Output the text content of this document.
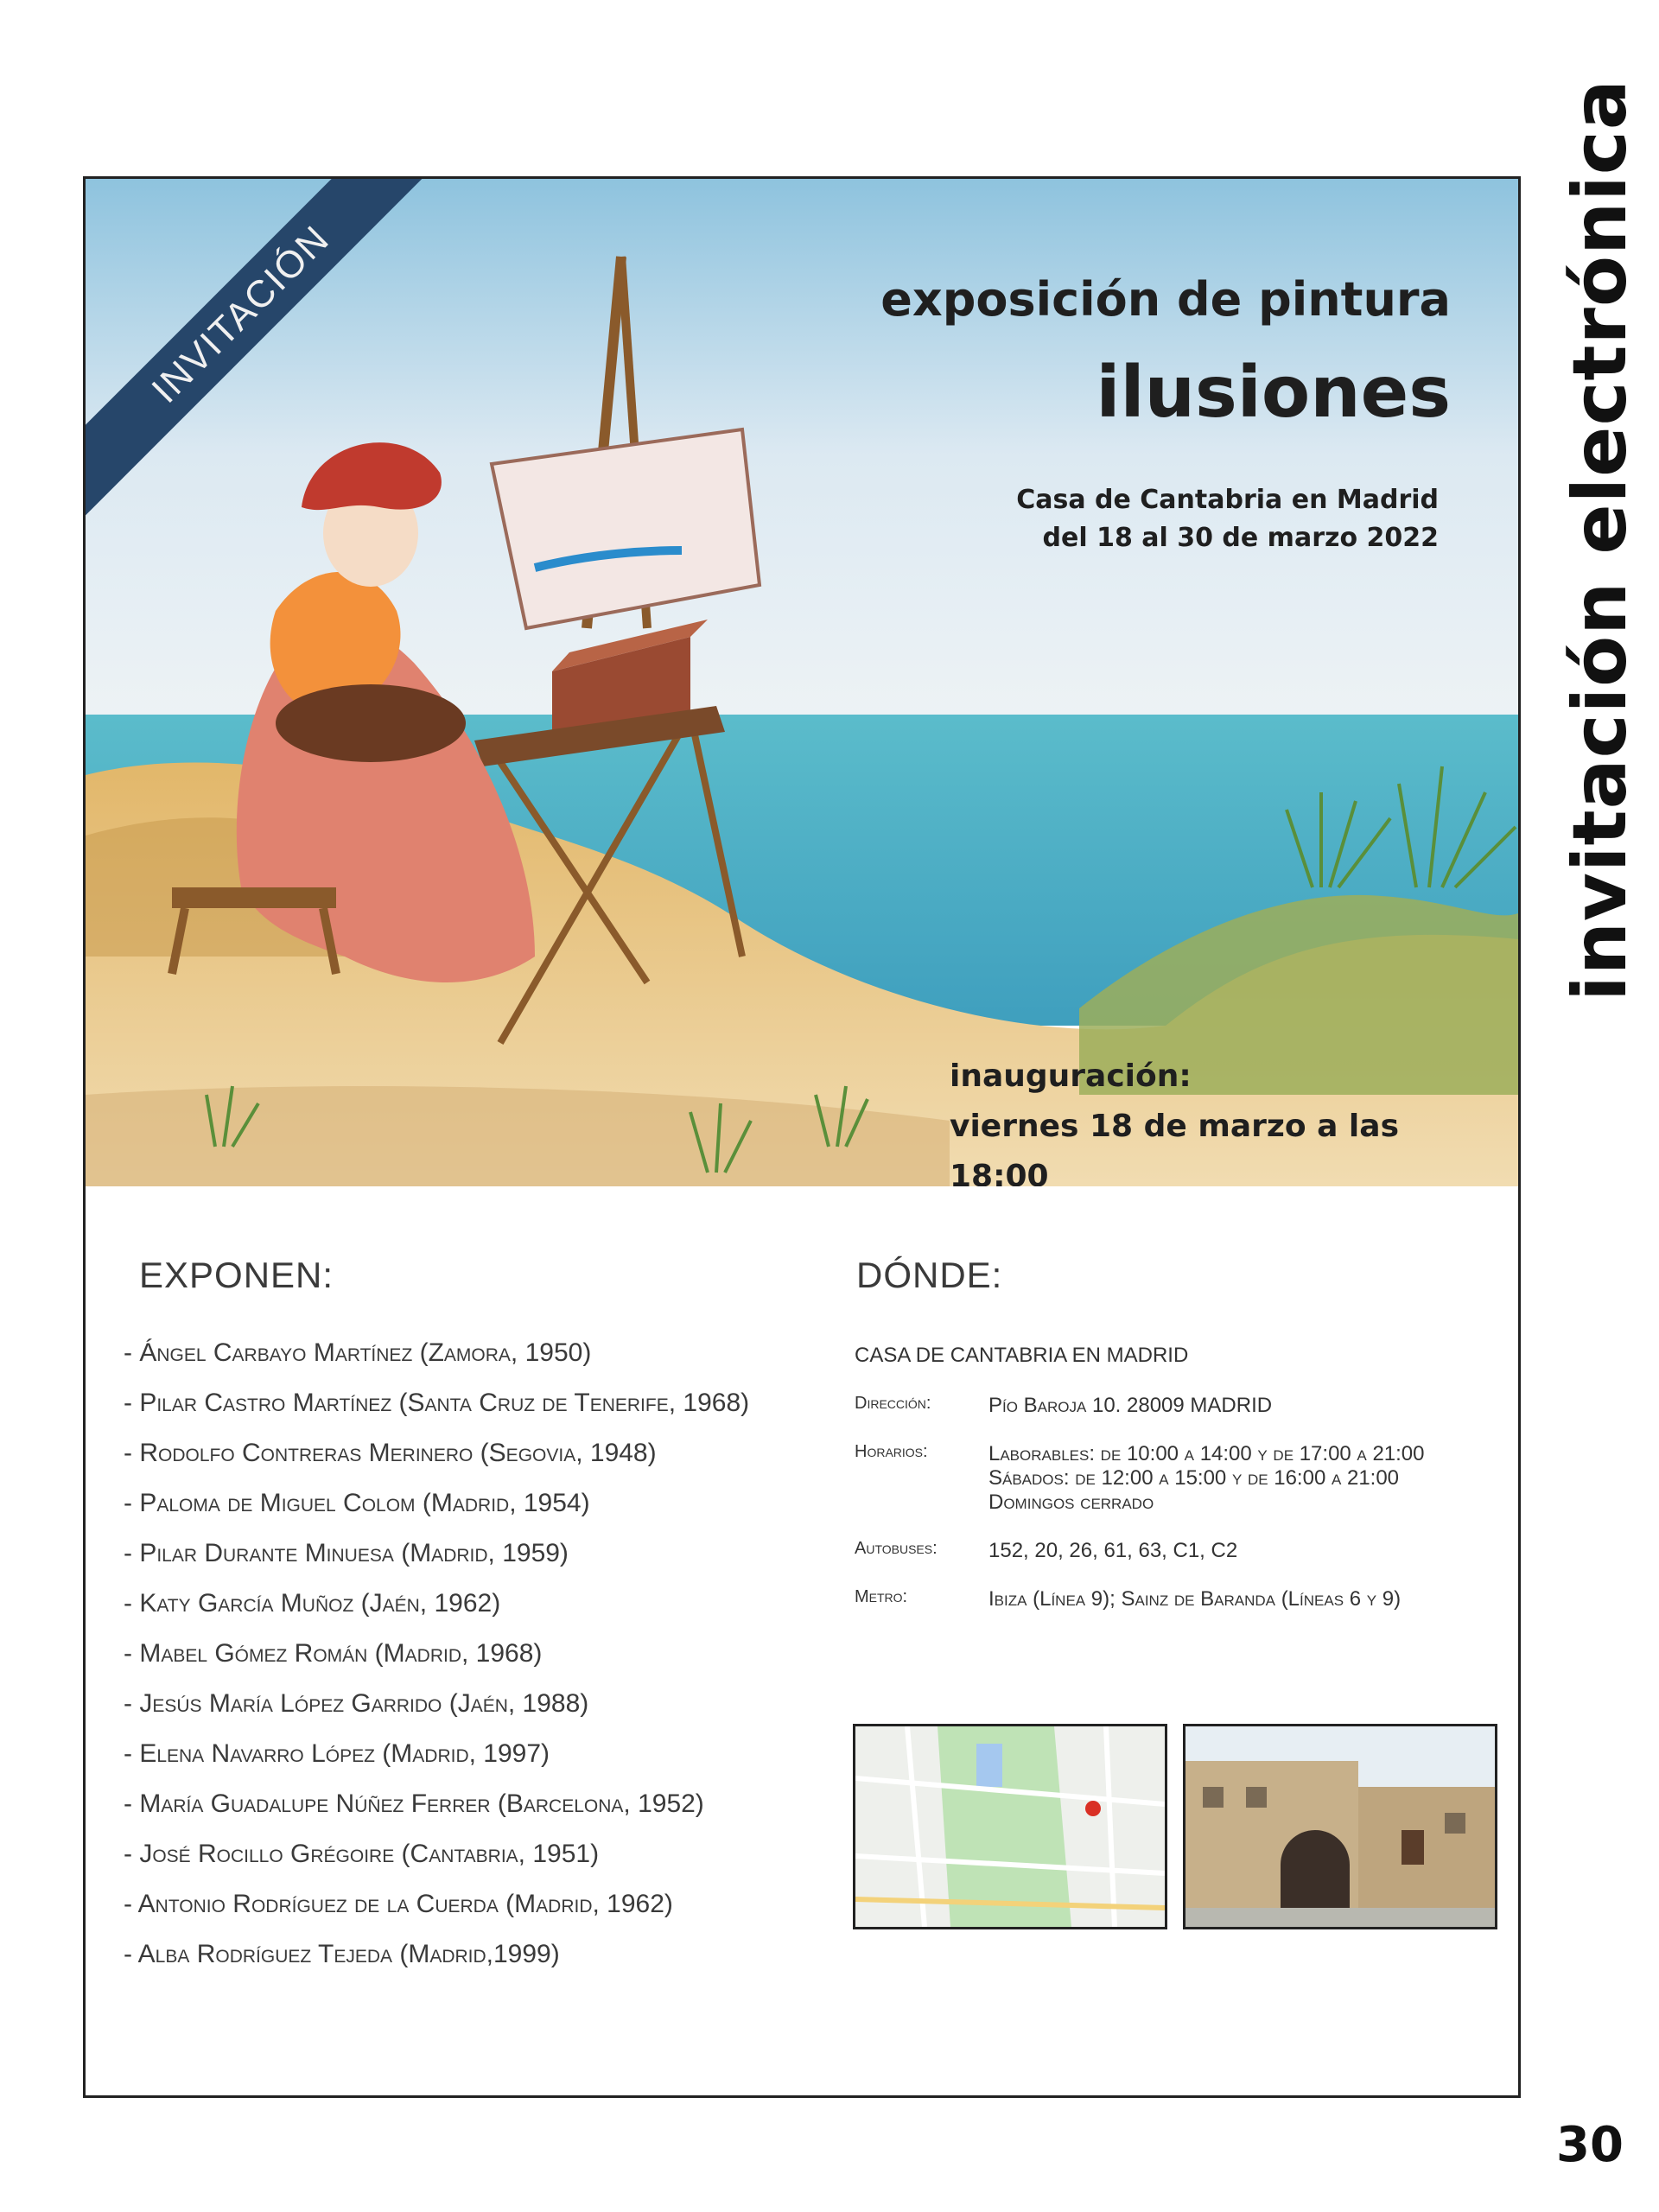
invitación electrónica
INVITACIÓN	exposición de pintura
ilusiones
Casa de Cantabria en Madrid
del 18 al 30 de marzo 2022
inauguración:
viernes 18 de marzo a las 18:00
EXPONEN:
- Ángel Carbayo Martínez (Zamora, 1950)
- Pilar Castro Martínez (Santa Cruz de Tenerife, 1968)
- Rodolfo Contreras Merinero (Segovia, 1948)
- Paloma de Miguel Colom (Madrid, 1954)
- Pilar Durante Minuesa (Madrid, 1959)
- Katy García Muñoz (Jaén, 1962)
- Mabel Gómez Román (Madrid, 1968)
- Jesús María López Garrido (Jaén, 1988)
- Elena Navarro López (Madrid, 1997)
- María Guadalupe Núñez Ferrer (Barcelona, 1952)
- José Rocillo Grégoire (Cantabria, 1951)
- Antonio Rodríguez de la Cuerda (Madrid, 1962)
- Alba Rodríguez Tejeda (Madrid,1999)
DÓNDE:
CASA DE CANTABRIA EN MADRID
Dirección:	Pío Baroja 10. 28009 MADRID
Horarios:	Laborables: de 10:00 a 14:00 y de 17:00 a 21:00
Sábados: de 12:00 a 15:00 y de 16:00 a 21:00
Domingos cerrado
Autobuses:	152, 20, 26, 61, 63, C1, C2
Metro:	Ibiza (Línea 9); Sainz de Baranda (Líneas 6 y 9)
30
